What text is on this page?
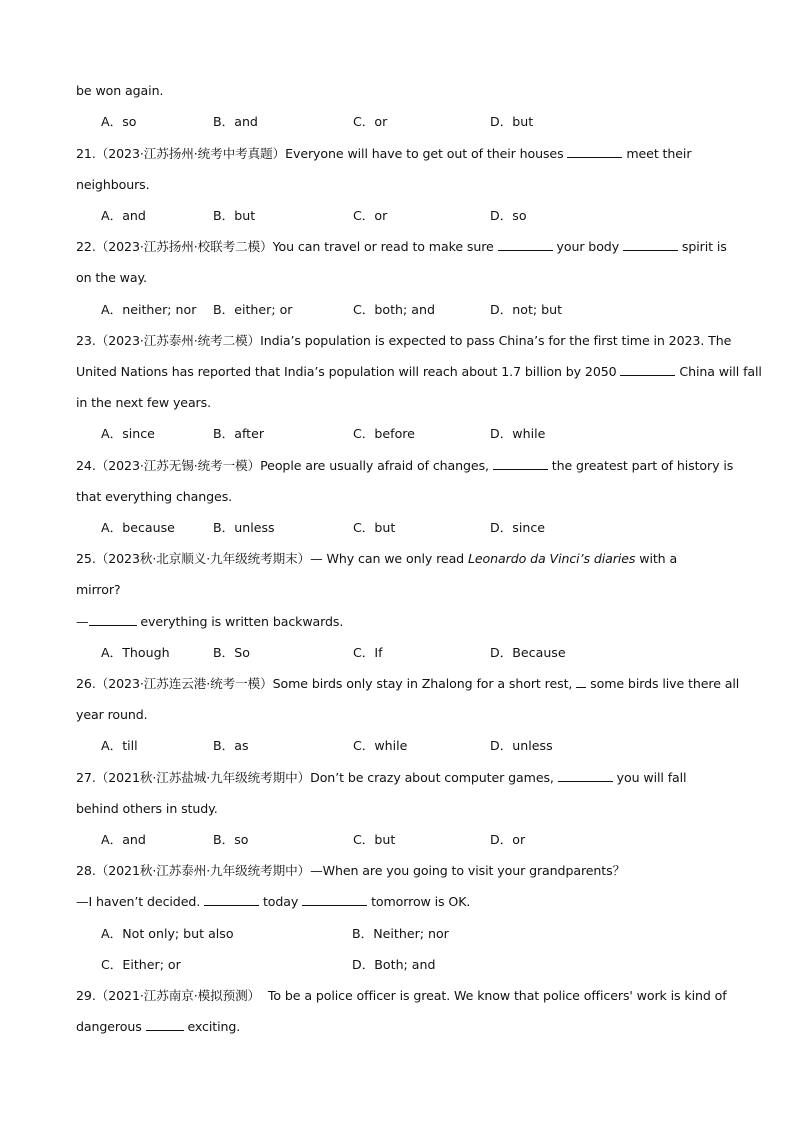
be won again.
A．so	B．and	C．or	D．but
21.（2023·江苏扬州·统考中考真题）Everyone will have to get out of their houses	meet their
neighbours.
A．and	B．but	C．or	D．so
22.（2023·江苏扬州·校联考二模）You can travel or read to make sure	your body	spirit is
on the way.
A．neither; nor B．either; or	C．both; and	D．not; but
23.（2023·江苏泰州·统考二模）India’s population is expected to pass China’s for the first time in 2023. The
United Nations has reported that India’s population will reach about 1.7 billion by 2050	China will fall
in the next few years.
A．since	B．after	C．before	D．while
24.（2023·江苏无锡·统考一模）People are usually afraid of changes,	the greatest part of history is
that everything changes.
A．because	B．unless	C．but	D．since
25.（2023秋·北京顺义·九年级统考期末）— Why can we only read Leonardo da Vinci’s diaries with a
mirror?
—	everything is written backwards.
A．Though	B．So	C．If	D．Because
26.（2023·江苏连云港·统考一模）Some birds only stay in Zhalong for a short rest,  some birds live there all
year round.
A．till	B．as	C．while	D．unless
27.（2021秋·江苏盐城·九年级统考期中）Don’t be crazy about computer games,	you will fall
behind others in study.
A．and	B．so	C．but	D．or
28.（2021秋·江苏泰州·九年级统考期中）—When are you going to visit your grandparents？
—I haven’t decided.	today	tomorrow is OK.
A．Not only; but also	B．Neither; nor
C．Either; or	D．Both; and
29.（2021·江苏南京·模拟预测）  To be a police officer is great. We know that police officers' work is kind of
dangerous	exciting.
